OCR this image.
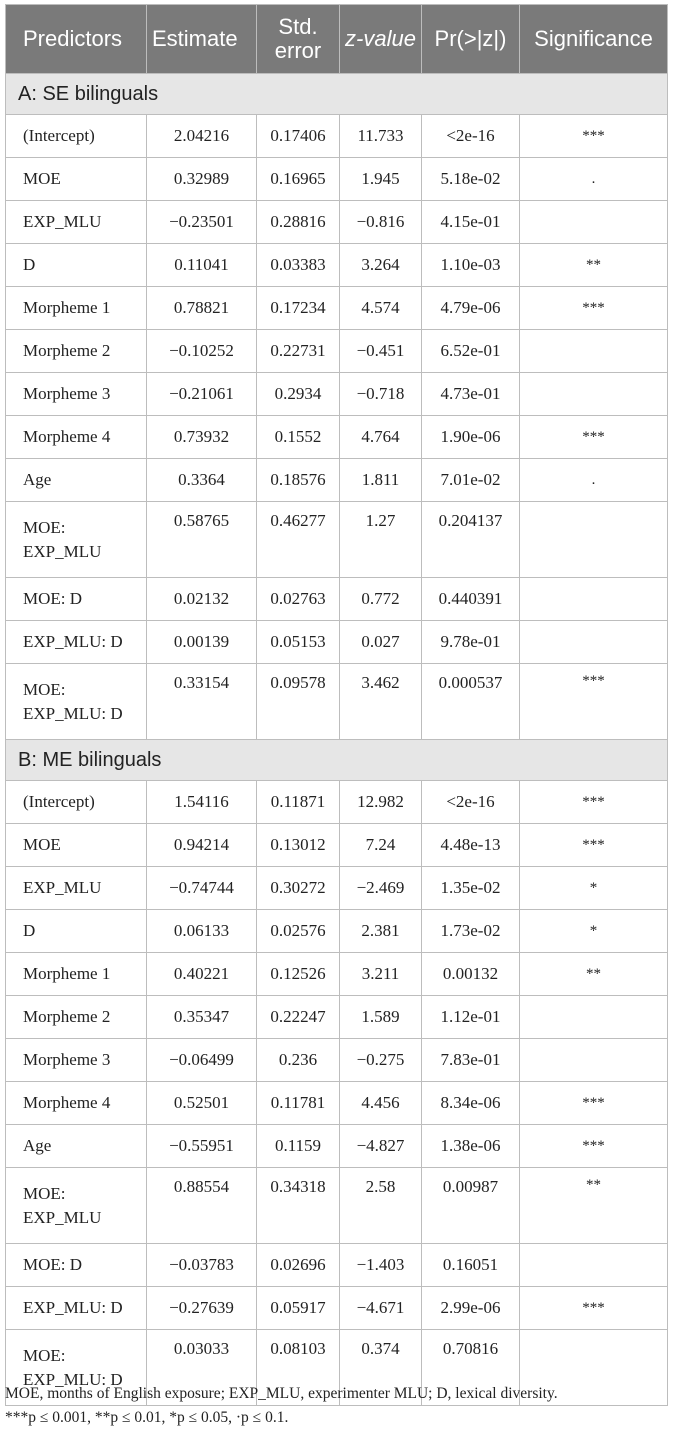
Predictors	Estimate	Std. error	z-value	Pr(>|z|)	Significance
A: SE bilinguals					
(Intercept)	2.04216	0.17406	11.733	<2e-16	***
MOE	0.32989	0.16965	1.945	5.18e-02	.
EXP_MLU	−0.23501	0.28816	−0.816	4.15e-01	
D	0.11041	0.03383	3.264	1.10e-03	**
Morpheme 1	0.78821	0.17234	4.574	4.79e-06	***
Morpheme 2	−0.10252	0.22731	−0.451	6.52e-01	
Morpheme 3	−0.21061	0.2934	−0.718	4.73e-01	
Morpheme 4	0.73932	0.1552	4.764	1.90e-06	***
Age	0.3364	0.18576	1.811	7.01e-02	.
MOE: EXP_MLU	0.58765	0.46277	1.27	0.204137	
MOE: D	0.02132	0.02763	0.772	0.440391	
EXP_MLU: D	0.00139	0.05153	0.027	9.78e-01	
MOE: EXP_MLU: D	0.33154	0.09578	3.462	0.000537	***
B: ME bilinguals					
(Intercept)	1.54116	0.11871	12.982	<2e-16	***
MOE	0.94214	0.13012	7.24	4.48e-13	***
EXP_MLU	−0.74744	0.30272	−2.469	1.35e-02	*
D	0.06133	0.02576	2.381	1.73e-02	*
Morpheme 1	0.40221	0.12526	3.211	0.00132	**
Morpheme 2	0.35347	0.22247	1.589	1.12e-01	
Morpheme 3	−0.06499	0.236	−0.275	7.83e-01	
Morpheme 4	0.52501	0.11781	4.456	8.34e-06	***
Age	−0.55951	0.1159	−4.827	1.38e-06	***
MOE: EXP_MLU	0.88554	0.34318	2.58	0.00987	**
MOE: D	−0.03783	0.02696	−1.403	0.16051	
EXP_MLU: D	−0.27639	0.05917	−4.671	2.99e-06	***
MOE: EXP_MLU: D	0.03033	0.08103	0.374	0.70816	

MOE, months of English exposure; EXP_MLU, experimenter MLU; D, lexical diversity.

***p ≤ 0.001, **p ≤ 0.01, *p ≤ 0.05, ·p ≤ 0.1.
